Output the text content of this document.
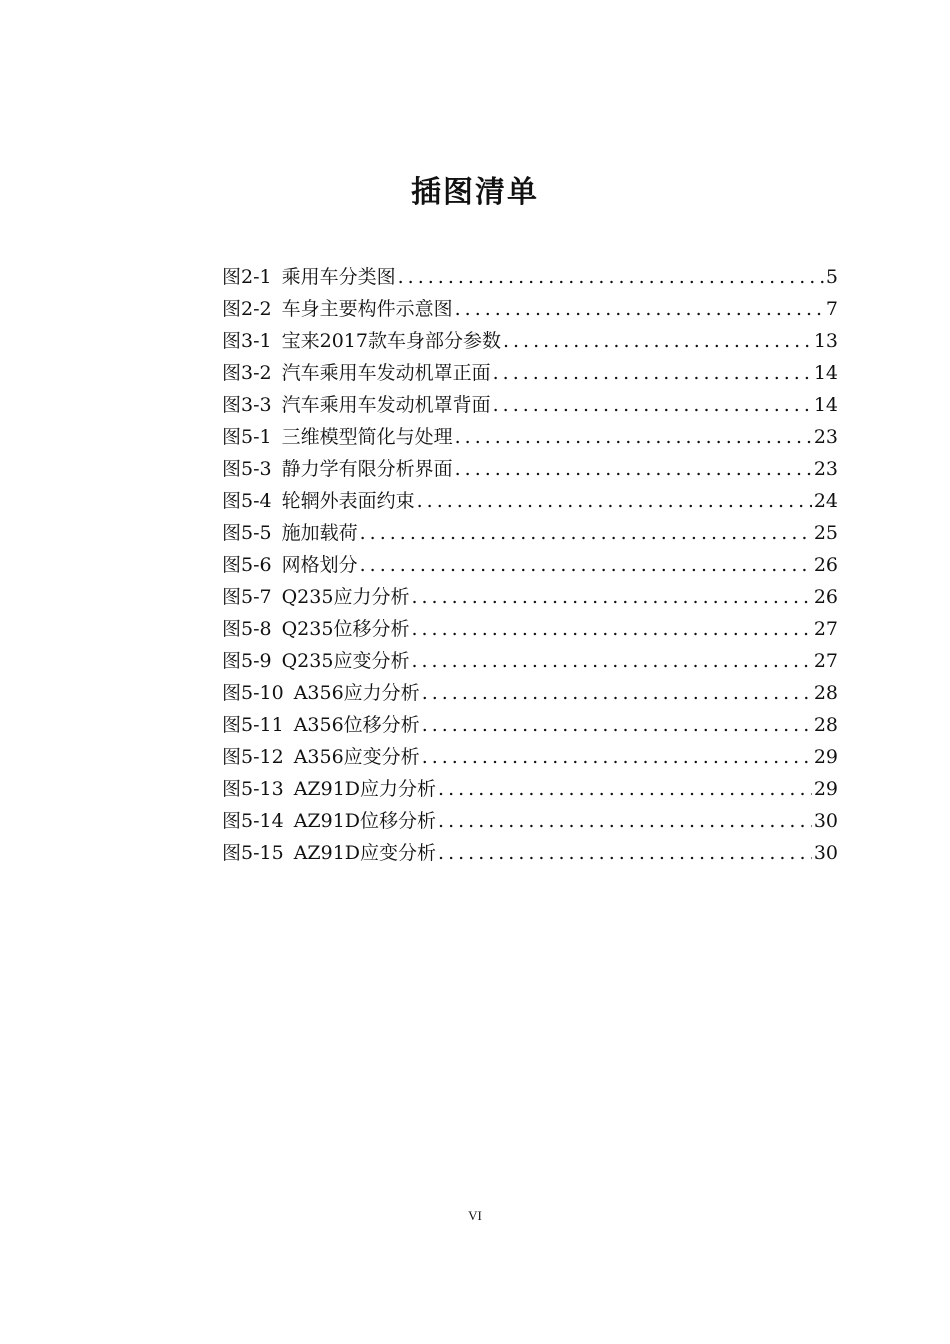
插图清单
图2-1 乘用车分类图 .....	5
图2-2 车身主要构件示意图 .....	7
图3-1 宝来2017款车身部分参数 .....	13
图3-2 汽车乘用车发动机罩正面 .....	14
图3-3 汽车乘用车发动机罩背面 .....	14
图5-1 三维模型简化与处理 .....	23
图5-3 静力学有限分析界面 .....	23
图5-4 轮辋外表面约束 .....	24
图5-5 施加载荷 .....	25
图5-6 网格划分 .....	26
图5-7 Q235应力分析 .....	26
图5-8 Q235位移分析 .....	27
图5-9 Q235应变分析 .....	27
图5-10 A356应力分析 .....	28
图5-11 A356位移分析 .....	28
图5-12 A356应变分析 .....	29
图5-13 AZ91D应力分析 .....	29
图5-14 AZ91D位移分析 .....	30
图5-15 AZ91D应变分析 .....	30
VI
